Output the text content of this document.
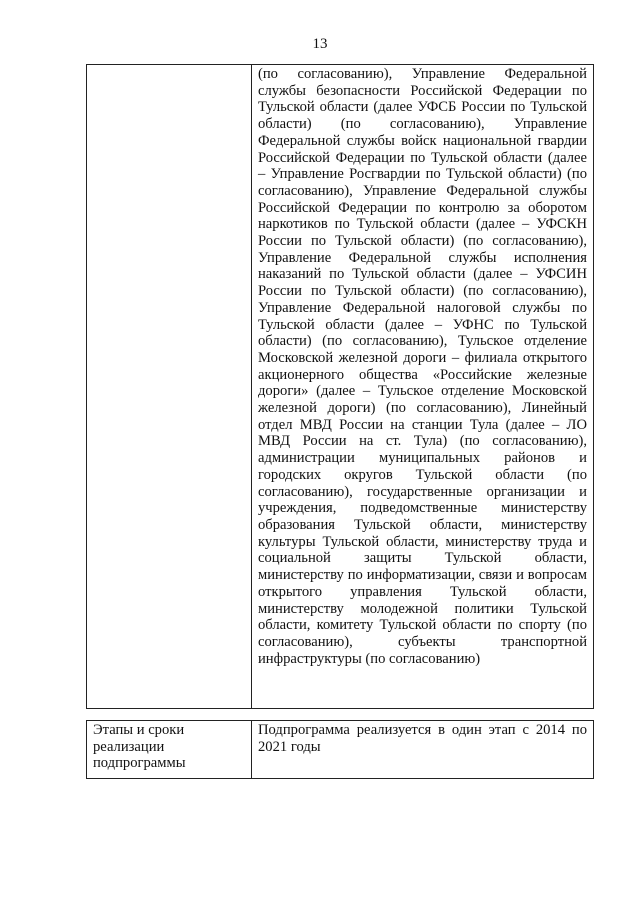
13
	(по согласованию), Управление Федеральной службы безопасности Российской Федерации по Тульской области (далее УФСБ России по Тульской области) (по согласованию), Управление Федеральной службы войск национальной гвардии Российской Федерации по Тульской области (далее – Управление Росгвардии по Тульской области) (по согласованию), Управление Федеральной службы Российской Федерации по контролю за оборотом наркотиков по Тульской области (далее – УФСКН России по Тульской области) (по согласованию), Управление Федеральной службы исполнения наказаний по Тульской области (далее – УФСИН России по Тульской области) (по согласованию), Управление Федеральной налоговой службы по Тульской области (далее – УФНС по Тульской области) (по согласованию), Тульское отделение Московской железной дороги – филиала открытого акционерного общества «Российские железные дороги» (далее – Тульское отделение Московской железной дороги) (по согласованию), Линейный отдел МВД России на станции Тула (далее – ЛО МВД России на ст. Тула) (по согласованию), администрации муниципальных районов и городских округов Тульской области (по согласованию), государственные организации и учреждения, подведомственные министерству образования Тульской области, министерству культуры Тульской области, министерству труда и социальной защиты Тульской области, министерству по информатизации, связи и вопросам открытого управления Тульской области, министерству молодежной политики Тульской области, комитету Тульской области по спорту (по согласованию), субъекты транспортной инфраструктуры (по согласованию)
Этапы и сроки реализации подпрограммы	Подпрограмма реализуется в один этап с 2014 по 2021 годы
